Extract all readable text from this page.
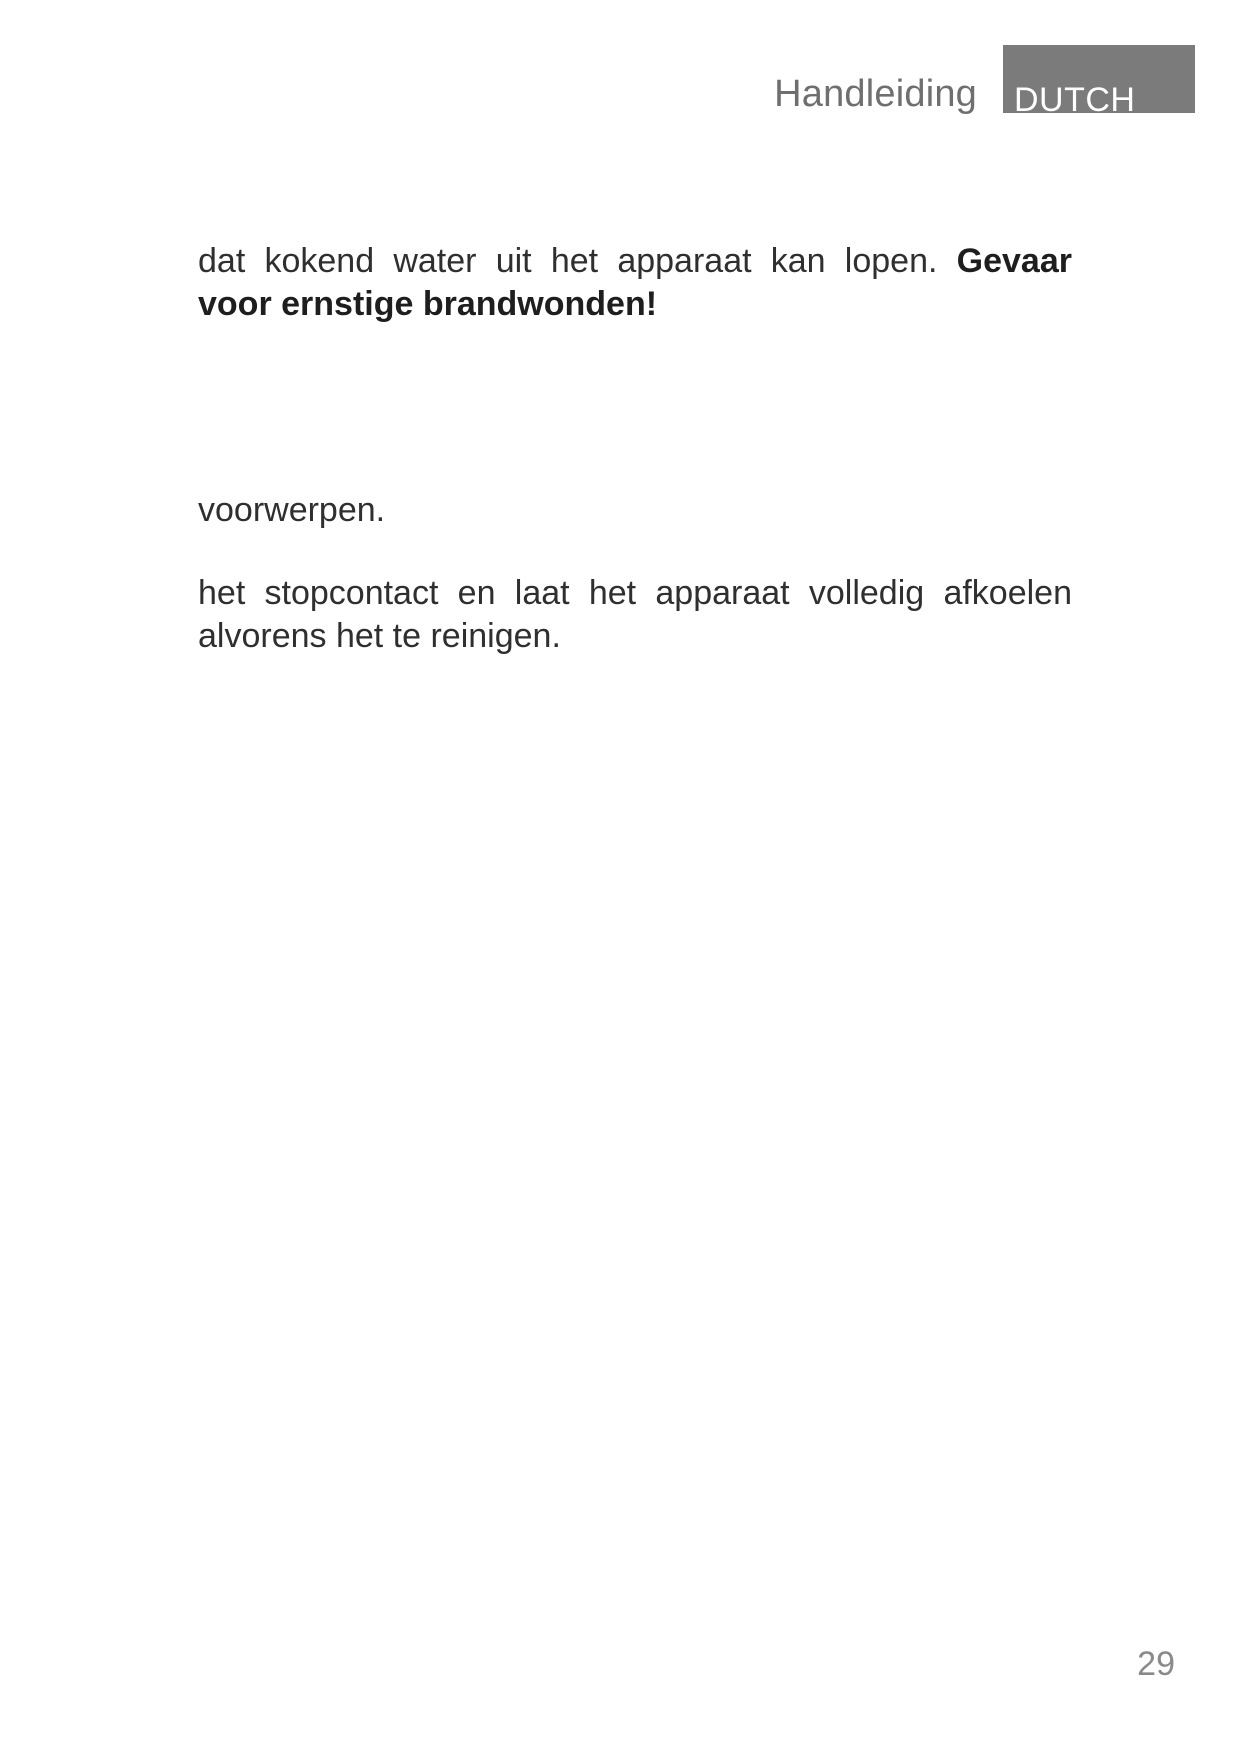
Handleiding DUTCH
dat kokend water uit het apparaat kan lopen. Gevaar voor ernstige brandwonden!
voorwerpen.
het stopcontact en laat het apparaat volledig afkoelen alvorens het te reinigen.
29
